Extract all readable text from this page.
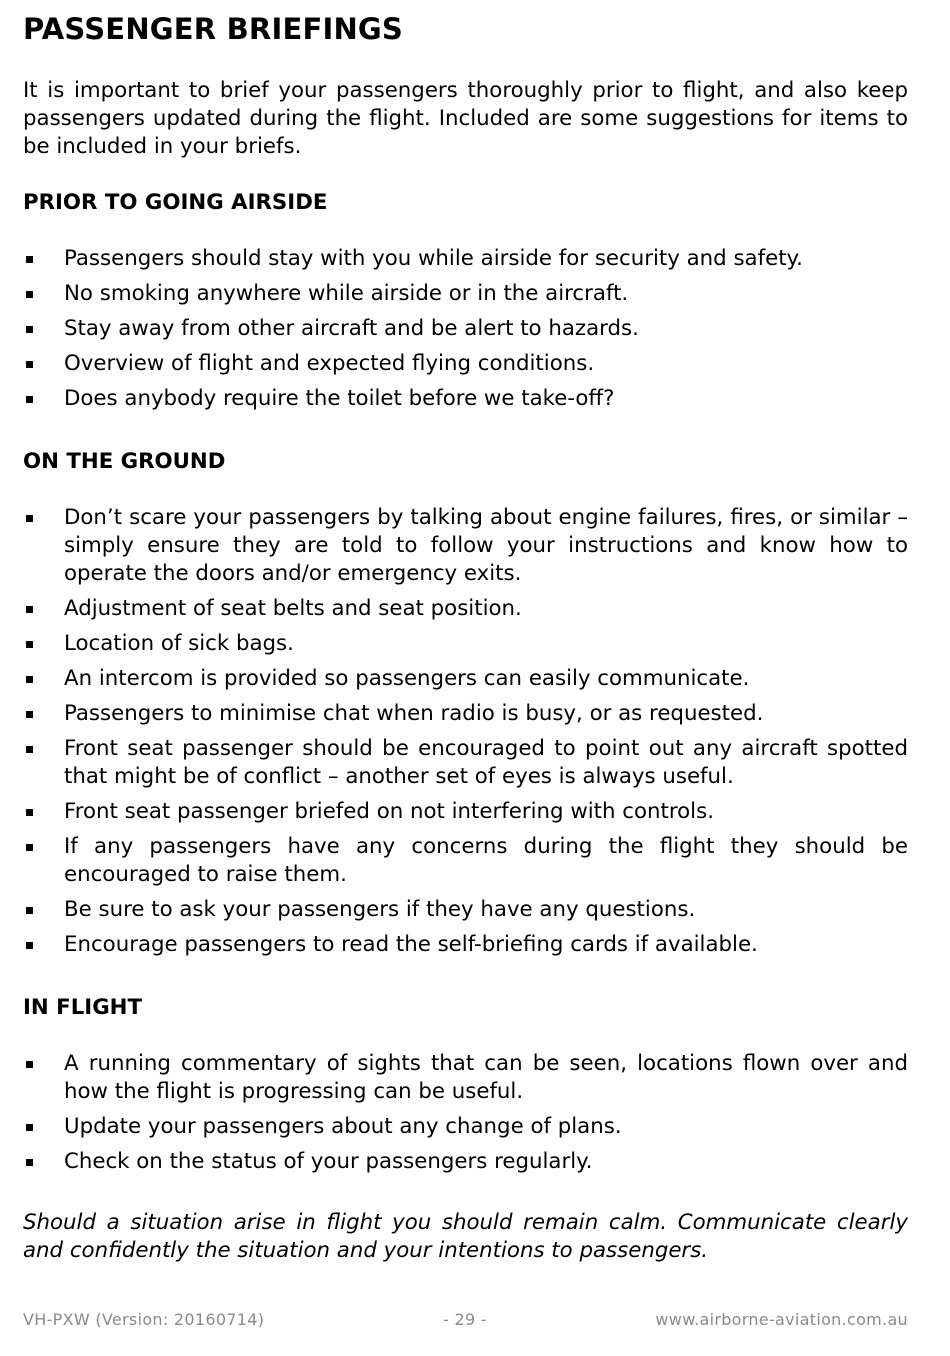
PASSENGER BRIEFINGS

It is important to brief your passengers thoroughly prior to flight, and also keep passengers updated during the flight. Included are some suggestions for items to be included in your briefs.

PRIOR TO GOING AIRSIDE
Passengers should stay with you while airside for security and safety.
No smoking anywhere while airside or in the aircraft.
Stay away from other aircraft and be alert to hazards.
Overview of flight and expected flying conditions.
Does anybody require the toilet before we take-off?
ON THE GROUND
Don’t scare your passengers by talking about engine failures, fires, or similar – simply ensure they are told to follow your instructions and know how to operate the doors and/or emergency exits.
Adjustment of seat belts and seat position.
Location of sick bags.
An intercom is provided so passengers can easily communicate.
Passengers to minimise chat when radio is busy, or as requested.
Front seat passenger should be encouraged to point out any aircraft spotted that might be of conflict – another set of eyes is always useful.
Front seat passenger briefed on not interfering with controls.
If any passengers have any concerns during the flight they should be encouraged to raise them.
Be sure to ask your passengers if they have any questions.
Encourage passengers to read the self-briefing cards if available.
IN FLIGHT
A running commentary of sights that can be seen, locations flown over and how the flight is progressing can be useful.
Update your passengers about any change of plans.
Check on the status of your passengers regularly.

Should a situation arise in flight you should remain calm. Communicate clearly and confidently the situation and your intentions to passengers.

VH-PXW (Version: 20160714)	- 29 -	www.airborne-aviation.com.au
